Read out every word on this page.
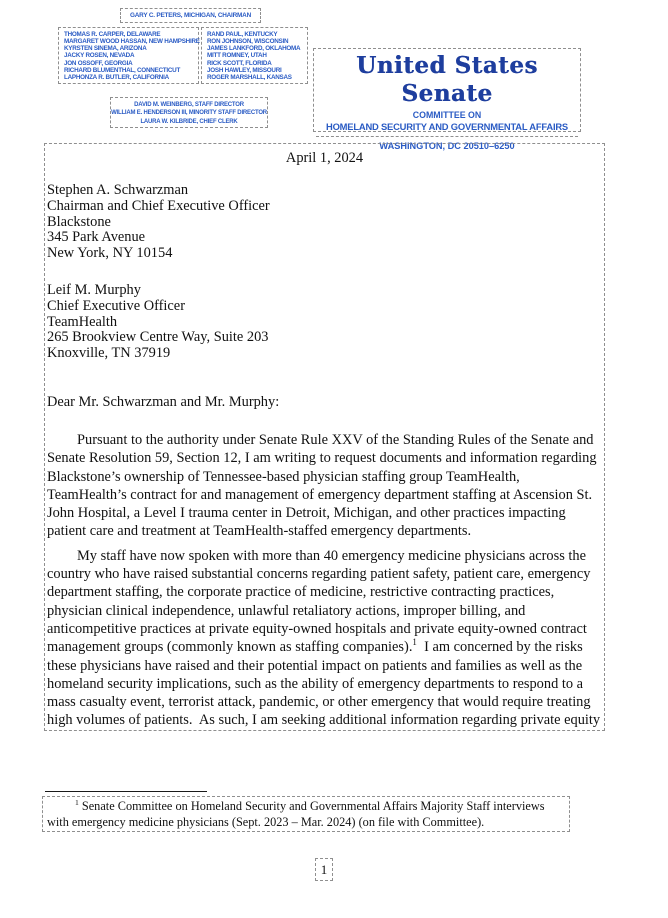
GARY C. PETERS, MICHIGAN, CHAIRMAN
THOMAS R. CARPER, DELAWARE
MARGARET WOOD HASSAN, NEW HAMPSHIRE
KYRSTEN SINEMA, ARIZONA
JACKY ROSEN, NEVADA
JON OSSOFF, GEORGIA
RICHARD BLUMENTHAL, CONNECTICUT
LAPHONZA R. BUTLER, CALIFORNIA
RAND PAUL, KENTUCKY
RON JOHNSON, WISCONSIN
JAMES LANKFORD, OKLAHOMA
MITT ROMNEY, UTAH
RICK SCOTT, FLORIDA
JOSH HAWLEY, MISSOURI
ROGER MARSHALL, KANSAS
DAVID M. WEINBERG, STAFF DIRECTOR
WILLIAM E. HENDERSON III, MINORITY STAFF DIRECTOR
LAURA W. KILBRIDE, CHIEF CLERK
United States Senate
COMMITTEE ON
HOMELAND SECURITY AND GOVERNMENTAL AFFAIRS
WASHINGTON, DC 20510–6250
April 1, 2024
Stephen A. Schwarzman
Chairman and Chief Executive Officer
Blackstone
345 Park Avenue
New York, NY 10154
Leif M. Murphy
Chief Executive Officer
TeamHealth
265 Brookview Centre Way, Suite 203
Knoxville, TN 37919
Dear Mr. Schwarzman and Mr. Murphy:

Pursuant to the authority under Senate Rule XXV of the Standing Rules of the Senate and Senate Resolution 59, Section 12, I am writing to request documents and information regarding Blackstone’s ownership of Tennessee-based physician staffing group TeamHealth, TeamHealth’s contract for and management of emergency department staffing at Ascension St. John Hospital, a Level I trauma center in Detroit, Michigan, and other practices impacting patient care and treatment at TeamHealth-staffed emergency departments.

My staff have now spoken with more than 40 emergency medicine physicians across the country who have raised substantial concerns regarding patient safety, patient care, emergency department staffing, the corporate practice of medicine, restrictive contracting practices, physician clinical independence, unlawful retaliatory actions, improper billing, and anticompetitive practices at private equity-owned hospitals and private equity-owned contract management groups (commonly known as staffing companies).$^1$  I am concerned by the risks these physicians have raised and their potential impact on patients and families as well as the homeland security implications, such as the ability of emergency departments to respond to a mass casualty event, terrorist attack, pandemic, or other emergency that would require treating high volumes of patients.  As such, I am seeking additional information regarding private equity

$^1$ Senate Committee on Homeland Security and Governmental Affairs Majority Staff interviews with emergency medicine physicians (Sept. 2023 – Mar. 2024) (on file with Committee).

1
